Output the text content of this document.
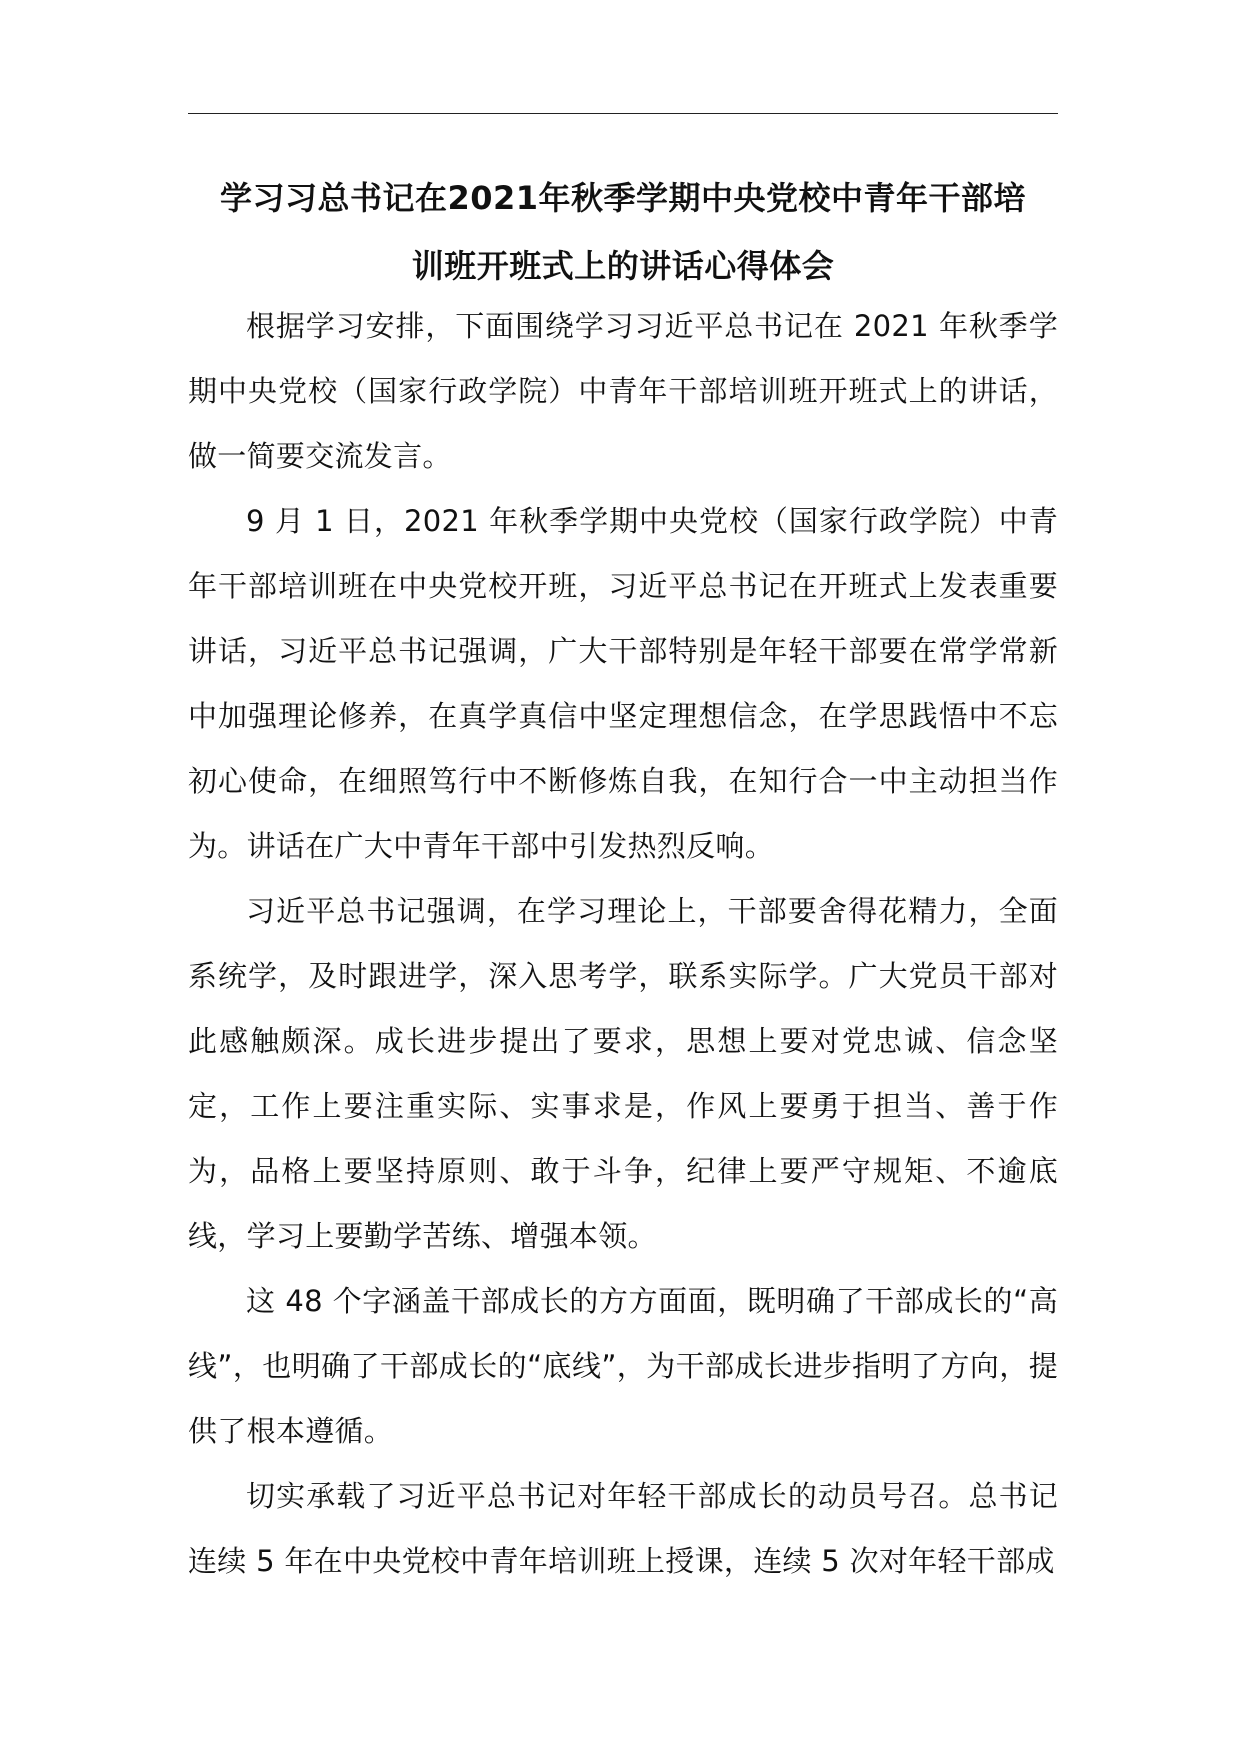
学习习总书记在2021年秋季学期中央党校中青年干部培
训班开班式上的讲话心得体会

根据学习安排，下面围绕学习习近平总书记在 2021 年秋季学期中央党校（国家行政学院）中青年干部培训班开班式上的讲话，做一简要交流发言。

9 月 1 日，2021 年秋季学期中央党校（国家行政学院）中青年干部培训班在中央党校开班，习近平总书记在开班式上发表重要讲话，习近平总书记强调，广大干部特别是年轻干部要在常学常新中加强理论修养，在真学真信中坚定理想信念，在学思践悟中不忘初心使命，在细照笃行中不断修炼自我，在知行合一中主动担当作为。讲话在广大中青年干部中引发热烈反响。

习近平总书记强调，在学习理论上，干部要舍得花精力，全面系统学，及时跟进学，深入思考学，联系实际学。广大党员干部对此感触颇深。成长进步提出了要求，思想上要对党忠诚、信念坚定，工作上要注重实际、实事求是，作风上要勇于担当、善于作为，品格上要坚持原则、敢于斗争，纪律上要严守规矩、不逾底线，学习上要勤学苦练、增强本领。

这 48 个字涵盖干部成长的方方面面，既明确了干部成长的“高线”，也明确了干部成长的“底线”，为干部成长进步指明了方向，提供了根本遵循。

切实承载了习近平总书记对年轻干部成长的动员号召。总书记连续 5 年在中央党校中青年培训班上授课，连续 5 次对年轻干部成
